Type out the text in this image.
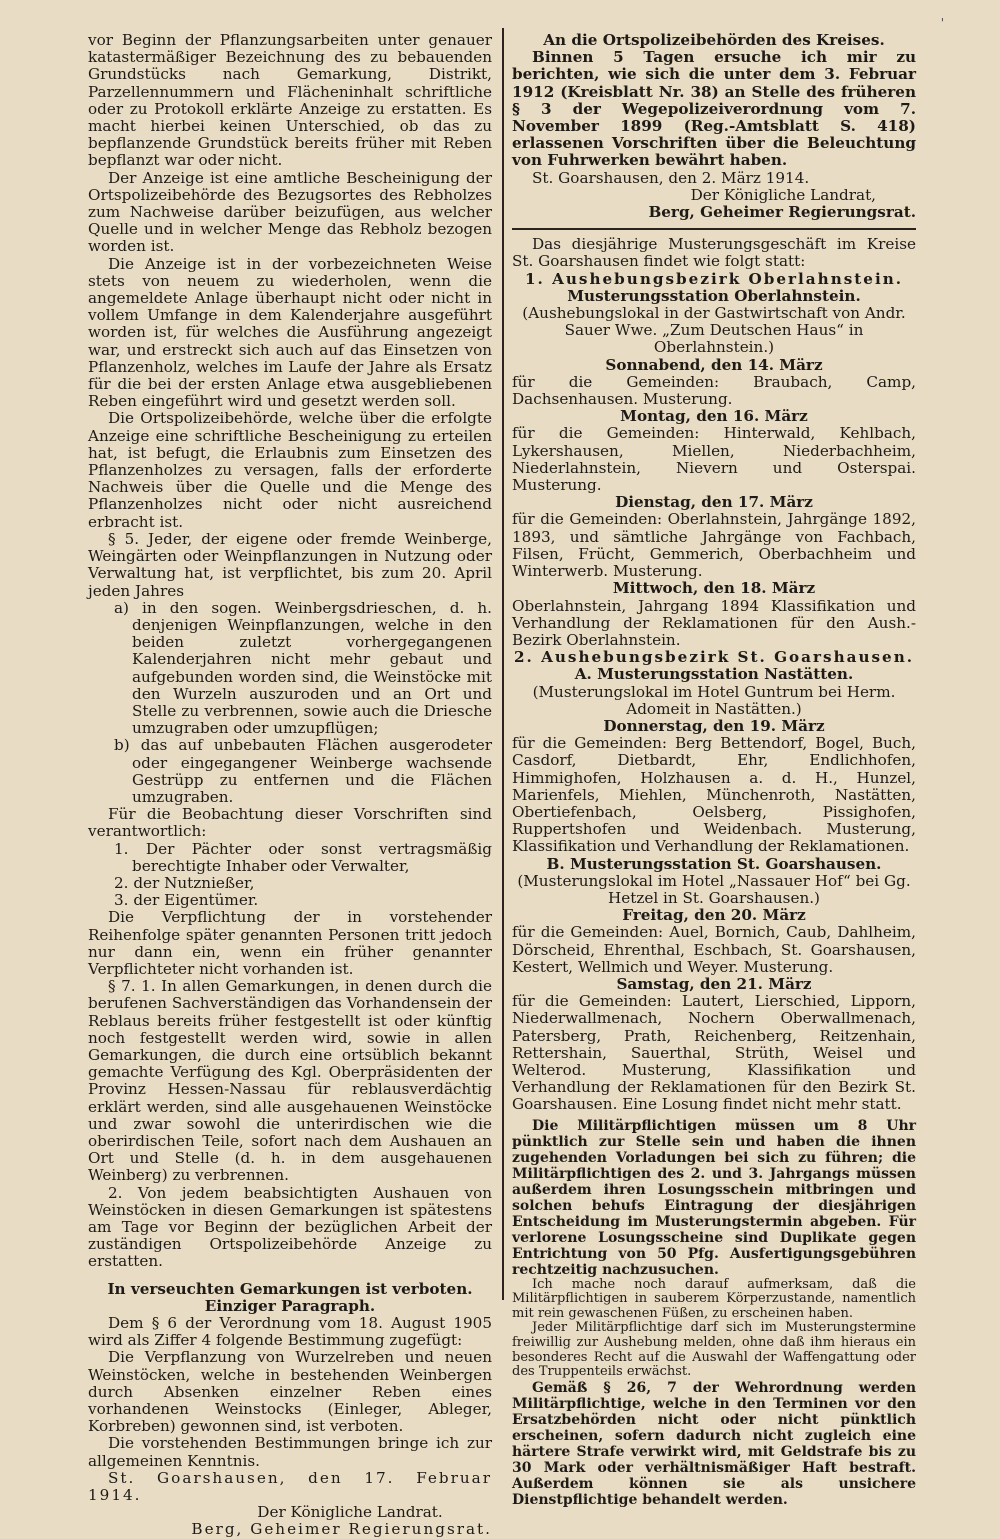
'

vor Beginn der Pflanzungsarbeiten unter genauer katastermäßiger Bezeichnung des zu bebauenden Grundstücks nach Gemarkung, Distrikt, Parzellennummern und Flächeninhalt schriftliche oder zu Protokoll erklärte Anzeige zu erstatten. Es macht hierbei keinen Unterschied, ob das zu bepflanzende Grundstück bereits früher mit Reben bepflanzt war oder nicht.

Der Anzeige ist eine amtliche Bescheinigung der Ortspolizeibehörde des Bezugsortes des Rebholzes zum Nachweise darüber beizufügen, aus welcher Quelle und in welcher Menge das Rebholz bezogen worden ist.

Die Anzeige ist in der vorbezeichneten Weise stets von neuem zu wiederholen, wenn die angemeldete Anlage überhaupt nicht oder nicht in vollem Umfange in dem Kalenderjahre ausgeführt worden ist, für welches die Ausführung angezeigt war, und erstreckt sich auch auf das Einsetzen von Pflanzenholz, welches im Laufe der Jahre als Ersatz für die bei der ersten Anlage etwa ausgebliebenen Reben eingeführt wird und gesetzt werden soll.

Die Ortspolizeibehörde, welche über die erfolgte Anzeige eine schriftliche Bescheinigung zu erteilen hat, ist befugt, die Erlaubnis zum Einsetzen des Pflanzenholzes zu versagen, falls der erforderte Nachweis über die Quelle und die Menge des Pflanzenholzes nicht oder nicht ausreichend erbracht ist.

§ 5. Jeder, der eigene oder fremde Weinberge, Weingärten oder Weinpflanzungen in Nutzung oder Verwaltung hat, ist verpflichtet, bis zum 20. April jeden Jahres

a) in den sogen. Weinbergsdrieschen, d. h. denjenigen Weinpflanzungen, welche in den beiden zuletzt vorhergegangenen Kalenderjahren nicht mehr gebaut und aufgebunden worden sind, die Weinstöcke mit den Wurzeln auszuroden und an Ort und Stelle zu verbrennen, sowie auch die Driesche umzugraben oder umzupflügen;

b) das auf unbebauten Flächen ausgerodeter oder eingegangener Weinberge wachsende Gestrüpp zu entfernen und die Flächen umzugraben.

Für die Beobachtung dieser Vorschriften sind verantwortlich:

1. Der Pächter oder sonst vertragsmäßig berechtigte Inhaber oder Verwalter,

2. der Nutznießer,

3. der Eigentümer.

Die Verpflichtung der in vorstehender Reihenfolge später genannten Personen tritt jedoch nur dann ein, wenn ein früher genannter Verpflichteter nicht vorhanden ist.

§ 7. 1. In allen Gemarkungen, in denen durch die berufenen Sachverständigen das Vorhandensein der Reblaus bereits früher festgestellt ist oder künftig noch festgestellt werden wird, sowie in allen Gemarkungen, die durch eine ortsüblich bekannt gemachte Verfügung des Kgl. Oberpräsidenten der Provinz Hessen-Nassau für reblausverdächtig erklärt werden, sind alle ausgehauenen Weinstöcke und zwar sowohl die unterirdischen wie die oberirdischen Teile, sofort nach dem Aushauen an Ort und Stelle (d. h. in dem ausgehauenen Weinberg) zu verbrennen.

2. Von jedem beabsichtigten Aushauen von Weinstöcken in diesen Gemarkungen ist spätestens am Tage vor Beginn der bezüglichen Arbeit der zuständigen Ortspolizeibehörde Anzeige zu erstatten.

In verseuchten Gemarkungen ist verboten.

Einziger Paragraph.

Dem § 6 der Verordnung vom 18. August 1905 wird als Ziffer 4 folgende Bestimmung zugefügt:

Die Verpflanzung von Wurzelreben und neuen Weinstöcken, welche in bestehenden Weinbergen durch Absenken einzelner Reben eines vorhandenen Weinstocks (Einleger, Ableger, Korbreben) gewonnen sind, ist verboten.

Die vorstehenden Bestimmungen bringe ich zur allgemeinen Kenntnis.

St. Goarshausen, den 17. Februar 1914.

Der Königliche Landrat.

Berg, Geheimer Regierungsrat.

An die Ortspolizeibehörden des Kreises.

Binnen 5 Tagen ersuche ich mir zu berichten, wie sich die unter dem 3. Februar 1912 (Kreisblatt Nr. 38) an Stelle des früheren § 3 der Wegepolizeiverordnung vom 7. November 1899 (Reg.-Amtsblatt S. 418) erlassenen Vorschriften über die Beleuchtung von Fuhrwerken bewährt haben.

St. Goarshausen, den 2. März 1914.

Der Königliche Landrat,

Berg, Geheimer Regierungsrat.

Das diesjährige Musterungsgeschäft im Kreise St. Goarshausen findet wie folgt statt:

1. Aushebungsbezirk Oberlahnstein.

Musterungsstation Oberlahnstein.

(Aushebungslokal in der Gastwirtschaft von Andr. Sauer Wwe. „Zum Deutschen Haus“ in Oberlahnstein.)

Sonnabend, den 14. März

für die Gemeinden: Braubach, Camp, Dachsenhausen. Musterung.

Montag, den 16. März

für die Gemeinden: Hinterwald, Kehlbach, Lykershausen, Miellen, Niederbachheim, Niederlahnstein, Nievern und Osterspai. Musterung.

Dienstag, den 17. März

für die Gemeinden: Oberlahnstein, Jahrgänge 1892, 1893, und sämtliche Jahrgänge von Fachbach, Filsen, Frücht, Gemmerich, Oberbachheim und Winterwerb. Musterung.

Mittwoch, den 18. März

Oberlahnstein, Jahrgang 1894 Klassifikation und Verhandlung der Reklamationen für den Aush.-Bezirk Oberlahnstein.

2. Aushebungsbezirk St. Goarshausen.

A. Musterungsstation Nastätten.

(Musterungslokal im Hotel Guntrum bei Herm. Adomeit in Nastätten.)

Donnerstag, den 19. März

für die Gemeinden: Berg Bettendorf, Bogel, Buch, Casdorf, Dietbardt, Ehr, Endlichhofen, Himmighofen, Holzhausen a. d. H., Hunzel, Marienfels, Miehlen, Münchenroth, Nastätten, Obertiefenbach, Oelsberg, Pissighofen, Ruppertshofen und Weidenbach. Musterung, Klassifikation und Verhandlung der Reklamationen.

B. Musterungsstation St. Goarshausen.

(Musterungslokal im Hotel „Nassauer Hof“ bei Gg. Hetzel in St. Goarshausen.)

Freitag, den 20. März

für die Gemeinden: Auel, Bornich, Caub, Dahlheim, Dörscheid, Ehrenthal, Eschbach, St. Goarshausen, Kestert, Wellmich und Weyer. Musterung.

Samstag, den 21. März

für die Gemeinden: Lautert, Lierschied, Lipporn, Niederwallmenach, Nochern Oberwallmenach, Patersberg, Prath, Reichenberg, Reitzenhain, Rettershain, Sauerthal, Strüth, Weisel und Welterod. Musterung, Klassifikation und Verhandlung der Reklamationen für den Bezirk St. Goarshausen. Eine Losung findet nicht mehr statt.

Die Militärpflichtigen müssen um 8 Uhr pünktlich zur Stelle sein und haben die ihnen zugehenden Vorladungen bei sich zu führen; die Militärpflichtigen des 2. und 3. Jahrgangs müssen außerdem ihren Losungsschein mitbringen und solchen behufs Eintragung der diesjährigen Entscheidung im Musterungstermin abgeben. Für verlorene Losungsscheine sind Duplikate gegen Entrichtung von 50 Pfg. Ausfertigungsgebühren rechtzeitig nachzusuchen.

Ich mache noch darauf aufmerksam, daß die Militärpflichtigen in sauberem Körperzustande, namentlich mit rein gewaschenen Füßen, zu erscheinen haben.

Jeder Militärpflichtige darf sich im Musterungstermine freiwillig zur Aushebung melden, ohne daß ihm hieraus ein besonderes Recht auf die Auswahl der Waffengattung oder des Truppenteils erwächst.

Gemäß § 26, 7 der Wehrordnung werden Militärpflichtige, welche in den Terminen vor den Ersatzbehörden nicht oder nicht pünktlich erscheinen, sofern dadurch nicht zugleich eine härtere Strafe verwirkt wird, mit Geldstrafe bis zu 30 Mark oder verhältnismäßiger Haft bestraft. Außerdem können sie als unsichere Dienstpflichtige behandelt werden.
